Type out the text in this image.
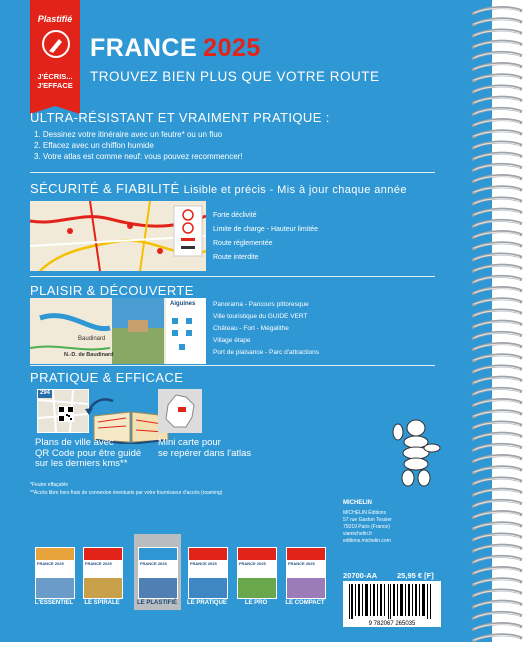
Plastifié
J'ÉCRIS... J'EFFACE
FRANCE 2025
TROUVEZ BIEN PLUS QUE VOTRE ROUTE
ULTRA-RÉSISTANT ET VRAIMENT PRATIQUE :
1. Dessinez votre itinéraire avec un feutre* ou un fluo
2. Effacez avec un chiffon humide
3. Votre atlas est comme neuf: vous pouvez recommencer!
SÉCURITÉ & FIABILITÉ Lisible et précis - Mis à jour chaque année
Forte déclivité
Limite de charge - Hauteur limitée
Route réglementée
Route interdite
PLAISIR & DÉCOUVERTE
Aiguines
Baudinard
N.-D. de Baudinard
Panorama - Parcours pittoresque
Ville touristique du GUIDE VERT
Château - Fort - Mégalithe
Village étape
Port de plaisance - Parc d'attractions
PRATIQUE & EFFICACE
294
Plans de ville avec
QR Code pour être guidé
sur les derniers kms**
Mini carte pour
se repérer dans l'atlas
*Feutre effaçable
**Accès libre hors frais de connexion éventuels par votre fournisseur d'accès (roaming)
FRANCE 2025
L'ESSENTIEL
FRANCE 2025
LE SPIRALE
FRANCE 2025
LE PLASTIFIÉ
FRANCE 2025
LE PRATIQUE
FRANCE 2025
LE PRO
FRANCE 2025
LE COMPACT
MICHELIN
MICHELIN Éditions
57 rue Gaston Tessier
75019 Paris (France)
viamichelin.fr
editions.michelin.com
20700-AA	25,95 € [F]
9 782067 265035
